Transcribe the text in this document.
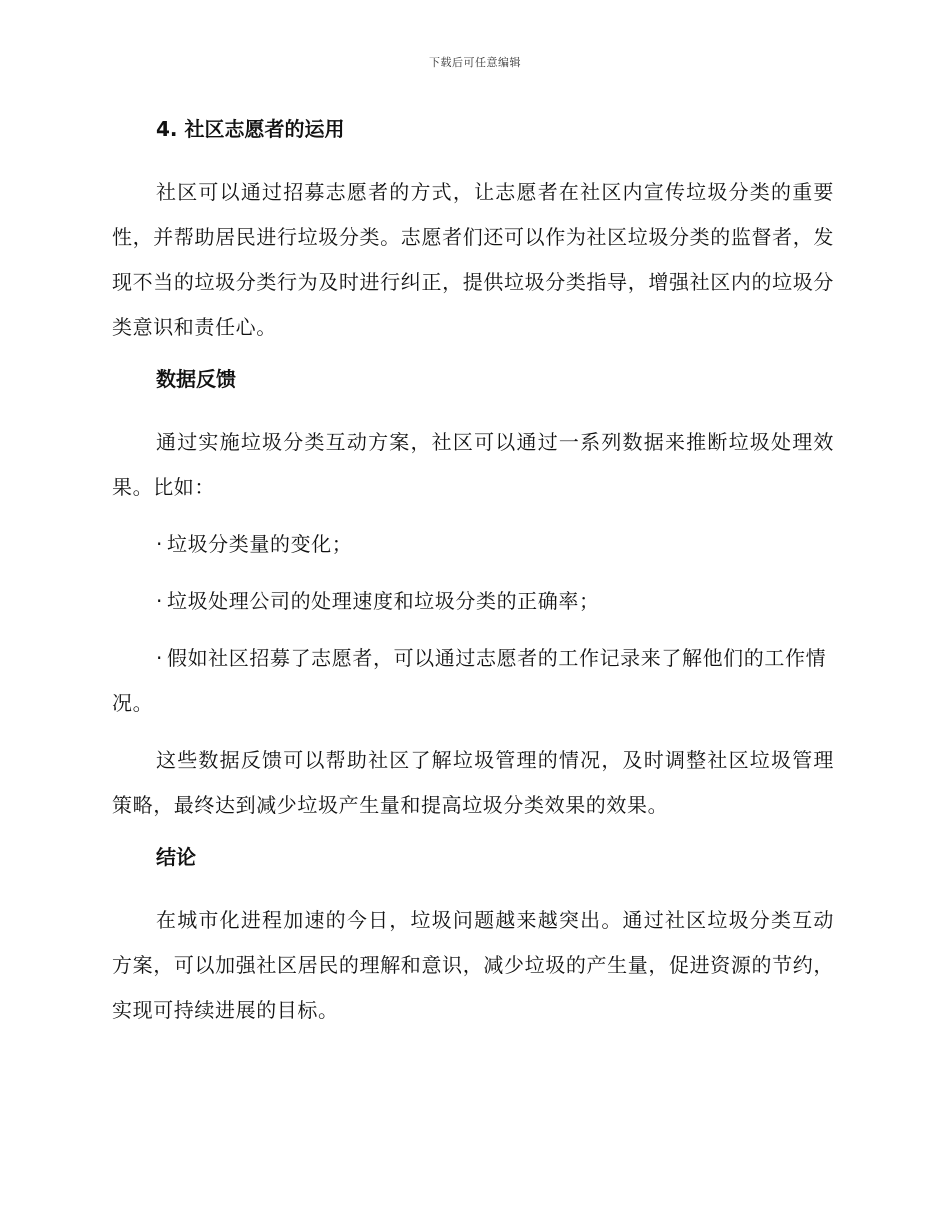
下载后可任意编辑
4. 社区志愿者的运用

社区可以通过招募志愿者的方式，让志愿者在社区内宣传垃圾分类的重要性，并帮助居民进行垃圾分类。志愿者们还可以作为社区垃圾分类的监督者，发现不当的垃圾分类行为及时进行纠正，提供垃圾分类指导，增强社区内的垃圾分类意识和责任心。

数据反馈

通过实施垃圾分类互动方案，社区可以通过一系列数据来推断垃圾处理效果。比如：

· 垃圾分类量的变化；

· 垃圾处理公司的处理速度和垃圾分类的正确率；

· 假如社区招募了志愿者，可以通过志愿者的工作记录来了解他们的工作情况。

这些数据反馈可以帮助社区了解垃圾管理的情况，及时调整社区垃圾管理策略，最终达到减少垃圾产生量和提高垃圾分类效果的效果。

结论

在城市化进程加速的今日，垃圾问题越来越突出。通过社区垃圾分类互动方案，可以加强社区居民的理解和意识，减少垃圾的产生量，促进资源的节约，实现可持续进展的目标。
